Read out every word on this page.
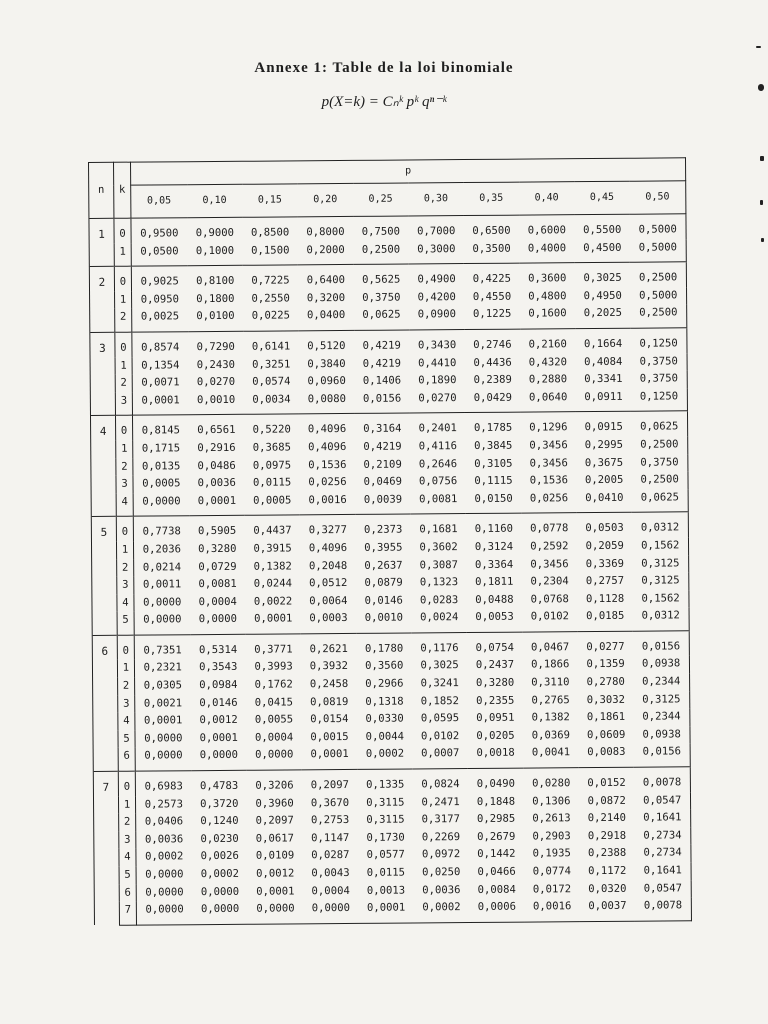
Annexe 1: Table de la loi binomiale
p(X=k) = Cₙᵏ pᵏ qⁿ⁻ᵏ
n	k	p									
		0,05	0,10	0,15	0,20	0,25	0,30	0,35	0,40	0,45	0,50
1	0	0,9500	0,9000	0,8500	0,8000	0,7500	0,7000	0,6500	0,6000	0,5500	0,5000
	1	0,0500	0,1000	0,1500	0,2000	0,2500	0,3000	0,3500	0,4000	0,4500	0,5000
2	0	0,9025	0,8100	0,7225	0,6400	0,5625	0,4900	0,4225	0,3600	0,3025	0,2500
	1	0,0950	0,1800	0,2550	0,3200	0,3750	0,4200	0,4550	0,4800	0,4950	0,5000
	2	0,0025	0,0100	0,0225	0,0400	0,0625	0,0900	0,1225	0,1600	0,2025	0,2500
3	0	0,8574	0,7290	0,6141	0,5120	0,4219	0,3430	0,2746	0,2160	0,1664	0,1250
	1	0,1354	0,2430	0,3251	0,3840	0,4219	0,4410	0,4436	0,4320	0,4084	0,3750
	2	0,0071	0,0270	0,0574	0,0960	0,1406	0,1890	0,2389	0,2880	0,3341	0,3750
	3	0,0001	0,0010	0,0034	0,0080	0,0156	0,0270	0,0429	0,0640	0,0911	0,1250
4	0	0,8145	0,6561	0,5220	0,4096	0,3164	0,2401	0,1785	0,1296	0,0915	0,0625
	1	0,1715	0,2916	0,3685	0,4096	0,4219	0,4116	0,3845	0,3456	0,2995	0,2500
	2	0,0135	0,0486	0,0975	0,1536	0,2109	0,2646	0,3105	0,3456	0,3675	0,3750
	3	0,0005	0,0036	0,0115	0,0256	0,0469	0,0756	0,1115	0,1536	0,2005	0,2500
	4	0,0000	0,0001	0,0005	0,0016	0,0039	0,0081	0,0150	0,0256	0,0410	0,0625
5	0	0,7738	0,5905	0,4437	0,3277	0,2373	0,1681	0,1160	0,0778	0,0503	0,0312
	1	0,2036	0,3280	0,3915	0,4096	0,3955	0,3602	0,3124	0,2592	0,2059	0,1562
	2	0,0214	0,0729	0,1382	0,2048	0,2637	0,3087	0,3364	0,3456	0,3369	0,3125
	3	0,0011	0,0081	0,0244	0,0512	0,0879	0,1323	0,1811	0,2304	0,2757	0,3125
	4	0,0000	0,0004	0,0022	0,0064	0,0146	0,0283	0,0488	0,0768	0,1128	0,1562
	5	0,0000	0,0000	0,0001	0,0003	0,0010	0,0024	0,0053	0,0102	0,0185	0,0312
6	0	0,7351	0,5314	0,3771	0,2621	0,1780	0,1176	0,0754	0,0467	0,0277	0,0156
	1	0,2321	0,3543	0,3993	0,3932	0,3560	0,3025	0,2437	0,1866	0,1359	0,0938
	2	0,0305	0,0984	0,1762	0,2458	0,2966	0,3241	0,3280	0,3110	0,2780	0,2344
	3	0,0021	0,0146	0,0415	0,0819	0,1318	0,1852	0,2355	0,2765	0,3032	0,3125
	4	0,0001	0,0012	0,0055	0,0154	0,0330	0,0595	0,0951	0,1382	0,1861	0,2344
	5	0,0000	0,0001	0,0004	0,0015	0,0044	0,0102	0,0205	0,0369	0,0609	0,0938
	6	0,0000	0,0000	0,0000	0,0001	0,0002	0,0007	0,0018	0,0041	0,0083	0,0156
7	0	0,6983	0,4783	0,3206	0,2097	0,1335	0,0824	0,0490	0,0280	0,0152	0,0078
	1	0,2573	0,3720	0,3960	0,3670	0,3115	0,2471	0,1848	0,1306	0,0872	0,0547
	2	0,0406	0,1240	0,2097	0,2753	0,3115	0,3177	0,2985	0,2613	0,2140	0,1641
	3	0,0036	0,0230	0,0617	0,1147	0,1730	0,2269	0,2679	0,2903	0,2918	0,2734
	4	0,0002	0,0026	0,0109	0,0287	0,0577	0,0972	0,1442	0,1935	0,2388	0,2734
	5	0,0000	0,0002	0,0012	0,0043	0,0115	0,0250	0,0466	0,0774	0,1172	0,1641
	6	0,0000	0,0000	0,0001	0,0004	0,0013	0,0036	0,0084	0,0172	0,0320	0,0547
	7	0,0000	0,0000	0,0000	0,0000	0,0001	0,0002	0,0006	0,0016	0,0037	0,0078
